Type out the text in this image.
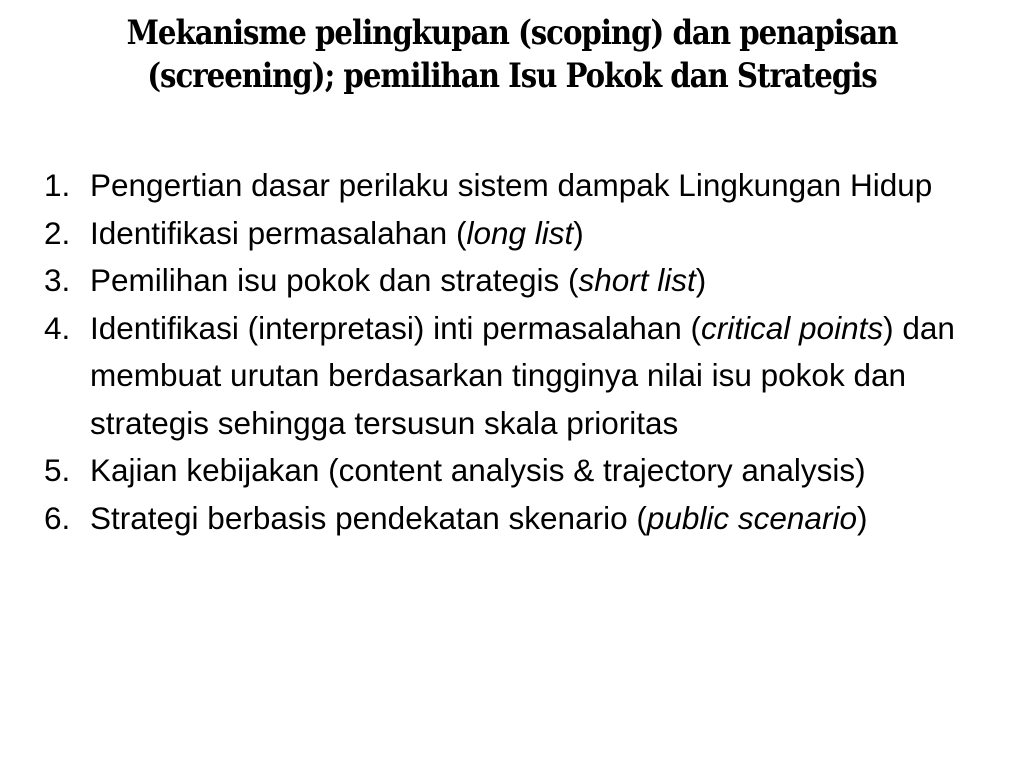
Mekanisme pelingkupan (scoping) dan penapisan
(screening); pemilihan Isu Pokok dan Strategis
1. Pengertian dasar perilaku sistem dampak Lingkungan Hidup
2. Identifikasi permasalahan (long list)
3. Pemilihan isu pokok dan strategis (short list)
4. Identifikasi (interpretasi) inti permasalahan (critical points) dan membuat urutan berdasarkan tingginya nilai isu pokok dan strategis sehingga tersusun skala prioritas
5. Kajian kebijakan (content analysis & trajectory analysis)
6. Strategi berbasis pendekatan skenario (public scenario)
